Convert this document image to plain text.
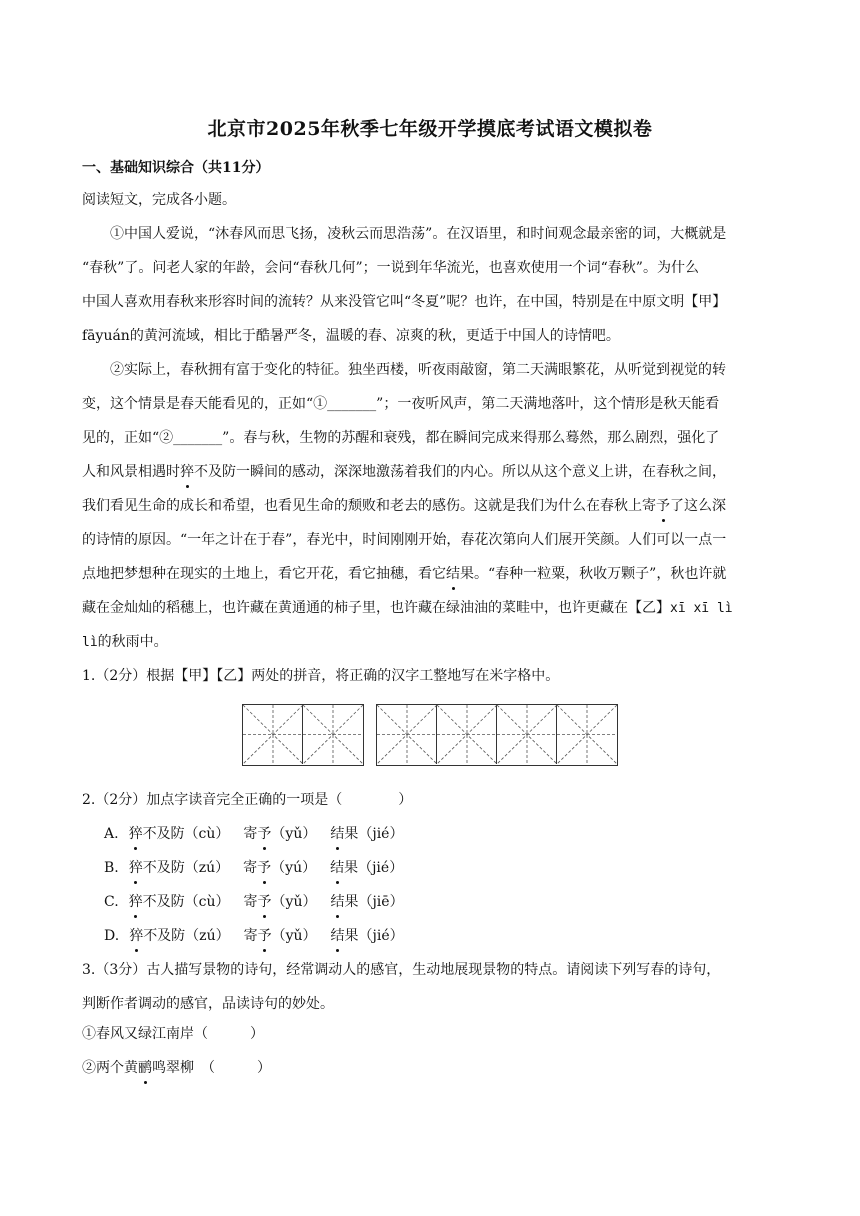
北京市2025年秋季七年级开学摸底考试语文模拟卷
一、基础知识综合（共11分）
阅读短文，完成各小题。
①中国人爱说，“沐春风而思飞扬，凌秋云而思浩荡”。在汉语里，和时间观念最亲密的词，大概就是
“春秋”了。问老人家的年龄，会问“春秋几何”；一说到年华流光，也喜欢使用一个词“春秋”。为什么
中国人喜欢用春秋来形容时间的流转？从来没管它叫“冬夏”呢？也许，在中国，特别是在中原文明【甲】
fāyuán的黄河流域，相比于酷暑严冬，温暖的春、凉爽的秋，更适于中国人的诗情吧。
②实际上，春秋拥有富于变化的特征。独坐西楼，听夜雨敲窗，第二天满眼繁花，从听觉到视觉的转
变，这个情景是春天能看见的，正如“①_______”；一夜听风声，第二天满地落叶，这个情形是秋天能看
见的，正如“②_______”。春与秋，生物的苏醒和衰残，都在瞬间完成来得那么蓦然，那么剧烈，强化了
人和风景相遇时猝不及防一瞬间的感动，深深地激荡着我们的内心。所以从这个意义上讲，在春秋之间，
我们看见生命的成长和希望，也看见生命的颓败和老去的感伤。这就是我们为什么在春秋上寄予了这么深
的诗情的原因。“一年之计在于春”，春光中，时间刚刚开始，春花次第向人们展开笑颜。人们可以一点一
点地把梦想种在现实的土地上，看它开花，看它抽穗，看它结果。“春种一粒粟，秋收万颗子”，秋也许就
藏在金灿灿的稻穗上，也许藏在黄通通的柿子里，也许藏在绿油油的菜畦中，也许更藏在【乙】xī xī lì
lì的秋雨中。
1.（2分）根据【甲】【乙】两处的拼音，将正确的汉字工整地写在米字格中。
2.（2分）加点字读音完全正确的一项是（　　　　）
A. 猝不及防（cù） 寄予（yǔ） 结果（jié）
B. 猝不及防（zú） 寄予（yú） 结果（jié）
C. 猝不及防（cù） 寄予（yǔ） 结果（jiē）
D. 猝不及防（zú） 寄予（yǔ） 结果（jié）
3.（3分）古人描写景物的诗句，经常调动人的感官，生动地展现景物的特点。请阅读下列写春的诗句，
判断作者调动的感官，品读诗句的妙处。
①春风又绿江南岸（　　　）
②两个黄鹂鸣翠柳　（　　　）
